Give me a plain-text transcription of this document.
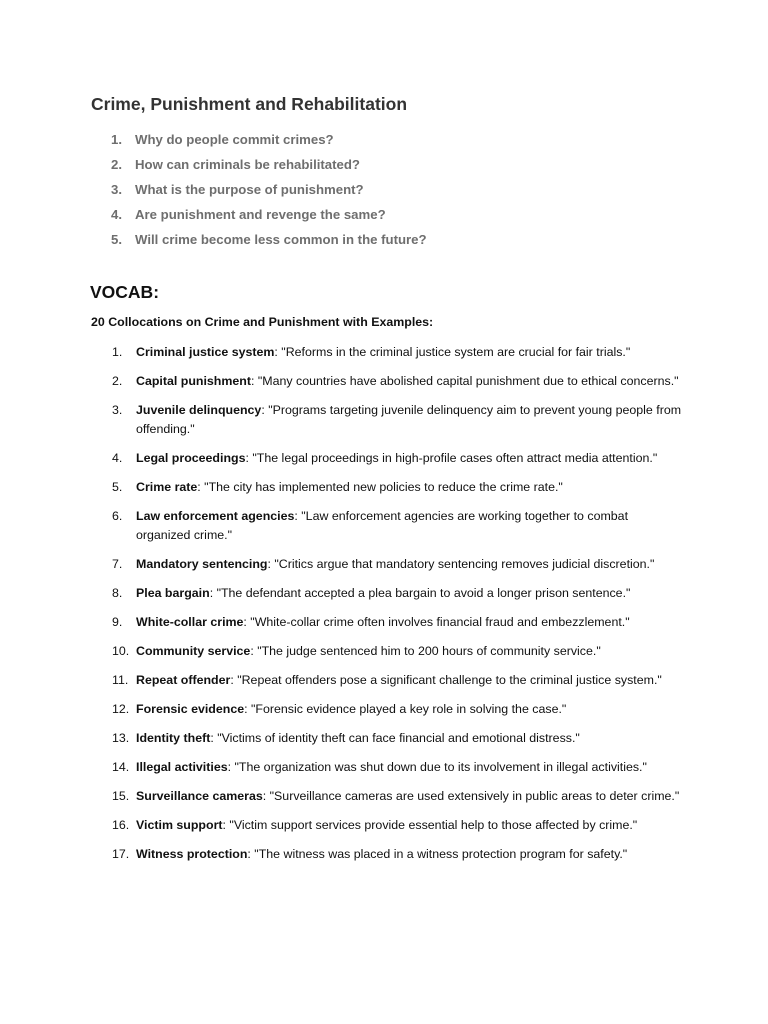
Crime, Punishment and Rehabilitation
1. Why do people commit crimes?
2. How can criminals be rehabilitated?
3. What is the purpose of punishment?
4. Are punishment and revenge the same?
5. Will crime become less common in the future?
VOCAB:

20 Collocations on Crime and Punishment with Examples:

1.	Criminal justice system: "Reforms in the criminal justice system are crucial for fair trials."
2.	Capital punishment: "Many countries have abolished capital punishment due to ethical concerns."
3.	Juvenile delinquency: "Programs targeting juvenile delinquency aim to prevent young people from offending."
4.	Legal proceedings: "The legal proceedings in high-profile cases often attract media attention."
5.	Crime rate: "The city has implemented new policies to reduce the crime rate."
6.	Law enforcement agencies: "Law enforcement agencies are working together to combat organized crime."
7.	Mandatory sentencing: "Critics argue that mandatory sentencing removes judicial discretion."
8.	Plea bargain: "The defendant accepted a plea bargain to avoid a longer prison sentence."
9.	White-collar crime: "White-collar crime often involves financial fraud and embezzlement."
10. Community service: "The judge sentenced him to 200 hours of community service."
11. Repeat offender: "Repeat offenders pose a significant challenge to the criminal justice system."
12. Forensic evidence: "Forensic evidence played a key role in solving the case."
13. Identity theft: "Victims of identity theft can face financial and emotional distress."
14. Illegal activities: "The organization was shut down due to its involvement in illegal activities."
15. Surveillance cameras: "Surveillance cameras are used extensively in public areas to deter crime."
16. Victim support: "Victim support services provide essential help to those affected by crime."
17. Witness protection: "The witness was placed in a witness protection program for safety."
